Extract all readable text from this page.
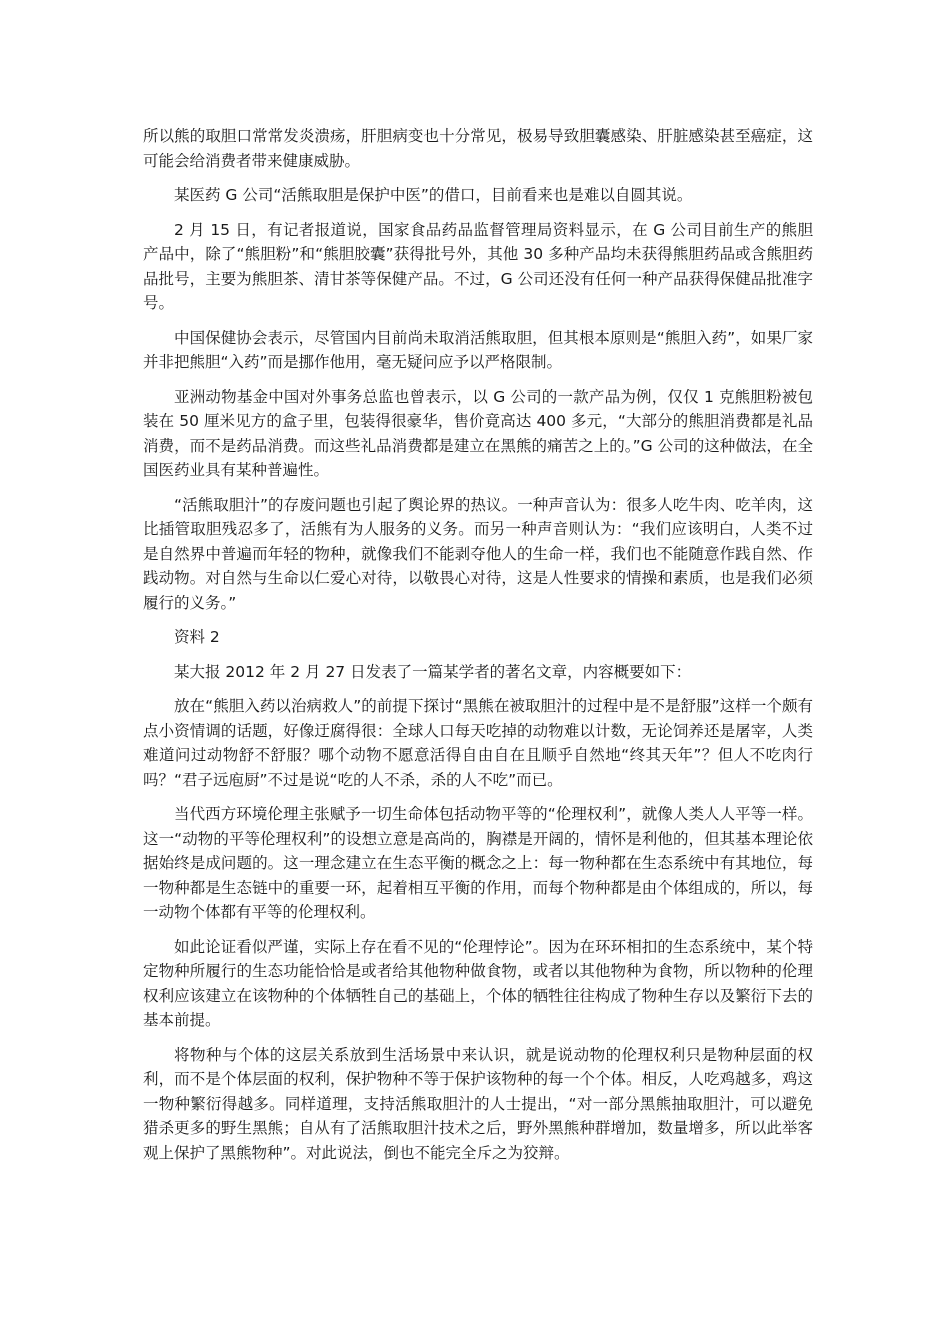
所以熊的取胆口常常发炎溃疡，肝胆病变也十分常见，极易导致胆囊感染、肝脏感染甚至癌症，这可能会给消费者带来健康威胁。

某医药 G 公司“活熊取胆是保护中医”的借口，目前看来也是难以自圆其说。

2 月 15 日，有记者报道说，国家食品药品监督管理局资料显示，在 G 公司目前生产的熊胆产品中，除了“熊胆粉”和“熊胆胶囊”获得批号外，其他 30 多种产品均未获得熊胆药品或含熊胆药品批号，主要为熊胆茶、清甘茶等保健产品。不过，G 公司还没有任何一种产品获得保健品批准字号。

中国保健协会表示，尽管国内目前尚未取消活熊取胆，但其根本原则是“熊胆入药”，如果厂家并非把熊胆“入药”而是挪作他用，毫无疑问应予以严格限制。

亚洲动物基金中国对外事务总监也曾表示，以 G 公司的一款产品为例，仅仅 1 克熊胆粉被包装在 50 厘米见方的盒子里，包装得很豪华，售价竟高达 400 多元，“大部分的熊胆消费都是礼品消费，而不是药品消费。而这些礼品消费都是建立在黑熊的痛苦之上的。”G 公司的这种做法，在全国医药业具有某种普遍性。

“活熊取胆汁”的存废问题也引起了舆论界的热议。一种声音认为：很多人吃牛肉、吃羊肉，这比插管取胆残忍多了，活熊有为人服务的义务。而另一种声音则认为：“我们应该明白，人类不过是自然界中普遍而年轻的物种，就像我们不能剥夺他人的生命一样，我们也不能随意作践自然、作践动物。对自然与生命以仁爱心对待，以敬畏心对待，这是人性要求的情操和素质，也是我们必须履行的义务。”

资料 2

某大报 2012 年 2 月 27 日发表了一篇某学者的著名文章，内容概要如下：

放在“熊胆入药以治病救人”的前提下探讨“黑熊在被取胆汁的过程中是不是舒服”这样一个颇有点小资情调的话题，好像迂腐得很：全球人口每天吃掉的动物难以计数，无论饲养还是屠宰，人类难道问过动物舒不舒服？哪个动物不愿意活得自由自在且顺乎自然地“终其天年”？但人不吃肉行吗？“君子远庖厨”不过是说“吃的人不杀，杀的人不吃”而已。

当代西方环境伦理主张赋予一切生命体包括动物平等的“伦理权利”，就像人类人人平等一样。这一“动物的平等伦理权利”的设想立意是高尚的，胸襟是开阔的，情怀是利他的，但其基本理论依据始终是成问题的。这一理念建立在生态平衡的概念之上：每一物种都在生态系统中有其地位，每一物种都是生态链中的重要一环，起着相互平衡的作用，而每个物种都是由个体组成的，所以，每一动物个体都有平等的伦理权利。

如此论证看似严谨，实际上存在看不见的“伦理悖论”。因为在环环相扣的生态系统中，某个特定物种所履行的生态功能恰恰是或者给其他物种做食物，或者以其他物种为食物，所以物种的伦理权利应该建立在该物种的个体牺牲自己的基础上，个体的牺牲往往构成了物种生存以及繁衍下去的基本前提。

将物种与个体的这层关系放到生活场景中来认识，就是说动物的伦理权利只是物种层面的权利，而不是个体层面的权利，保护物种不等于保护该物种的每一个个体。相反，人吃鸡越多，鸡这一物种繁衍得越多。同样道理，支持活熊取胆汁的人士提出，“对一部分黑熊抽取胆汁，可以避免猎杀更多的野生黑熊；自从有了活熊取胆汁技术之后，野外黑熊种群增加，数量增多，所以此举客观上保护了黑熊物种”。对此说法，倒也不能完全斥之为狡辩。
